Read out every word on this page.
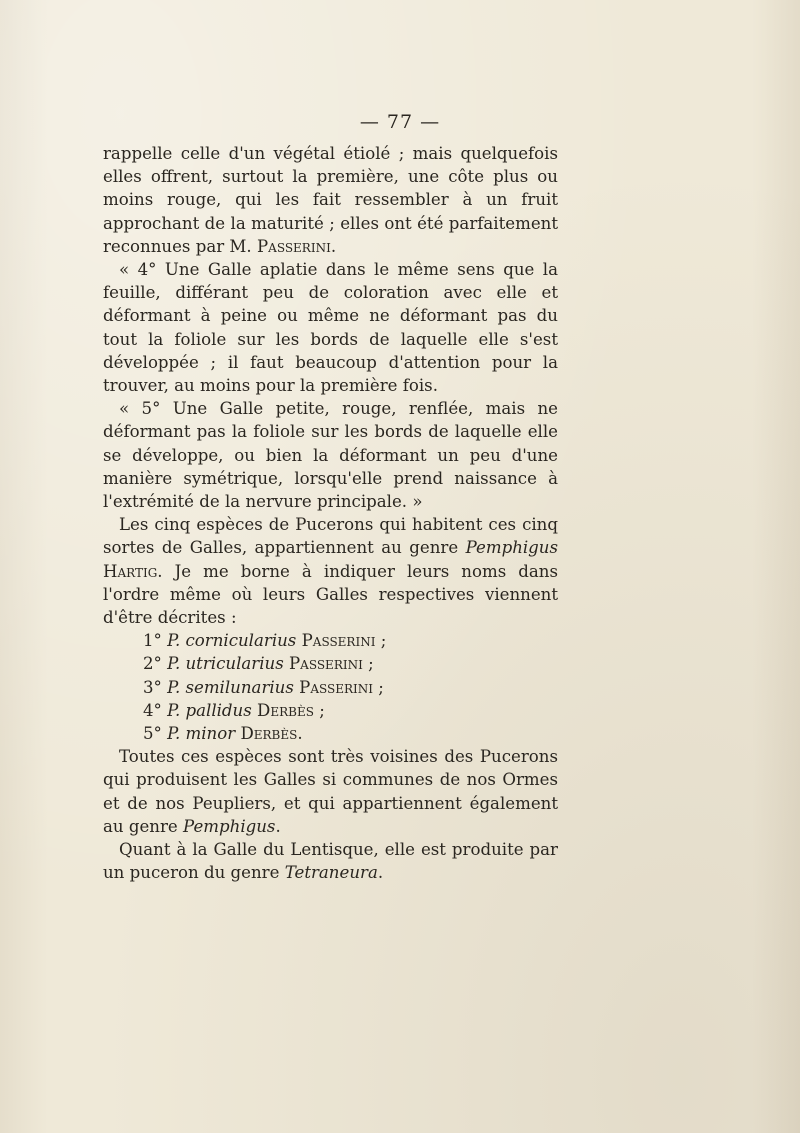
— 77 —

rappelle celle d'un végétal étiolé ; mais quelquefois elles offrent, surtout la première, une côte plus ou moins rouge, qui les fait ressembler à un fruit approchant de la maturité ; elles ont été parfaitement reconnues par M. Passerini.

« 4° Une Galle aplatie dans le même sens que la feuille, différant peu de coloration avec elle et déformant à peine ou même ne déformant pas du tout la foliole sur les bords de laquelle elle s'est développée ; il faut beaucoup d'attention pour la trouver, au moins pour la première fois.

« 5° Une Galle petite, rouge, renflée, mais ne déformant pas la foliole sur les bords de laquelle elle se développe, ou bien la déformant un peu d'une manière symétrique, lorsqu'elle prend naissance à l'extrémité de la nervure principale. »

Les cinq espèces de Pucerons qui habitent ces cinq sortes de Galles, appartiennent au genre Pemphigus Hartig. Je me borne à indiquer leurs noms dans l'ordre même où leurs Galles respectives viennent d'être décrites :

1° P. cornicularius Passerini ;
2° P. utricularius Passerini ;
3° P. semilunarius Passerini ;
4° P. pallidus Derbès ;
5° P. minor Derbès.

Toutes ces espèces sont très voisines des Pucerons qui produisent les Galles si communes de nos Ormes et de nos Peupliers, et qui appartiennent également au genre Pemphigus.

Quant à la Galle du Lentisque, elle est produite par un puceron du genre Tetraneura.
